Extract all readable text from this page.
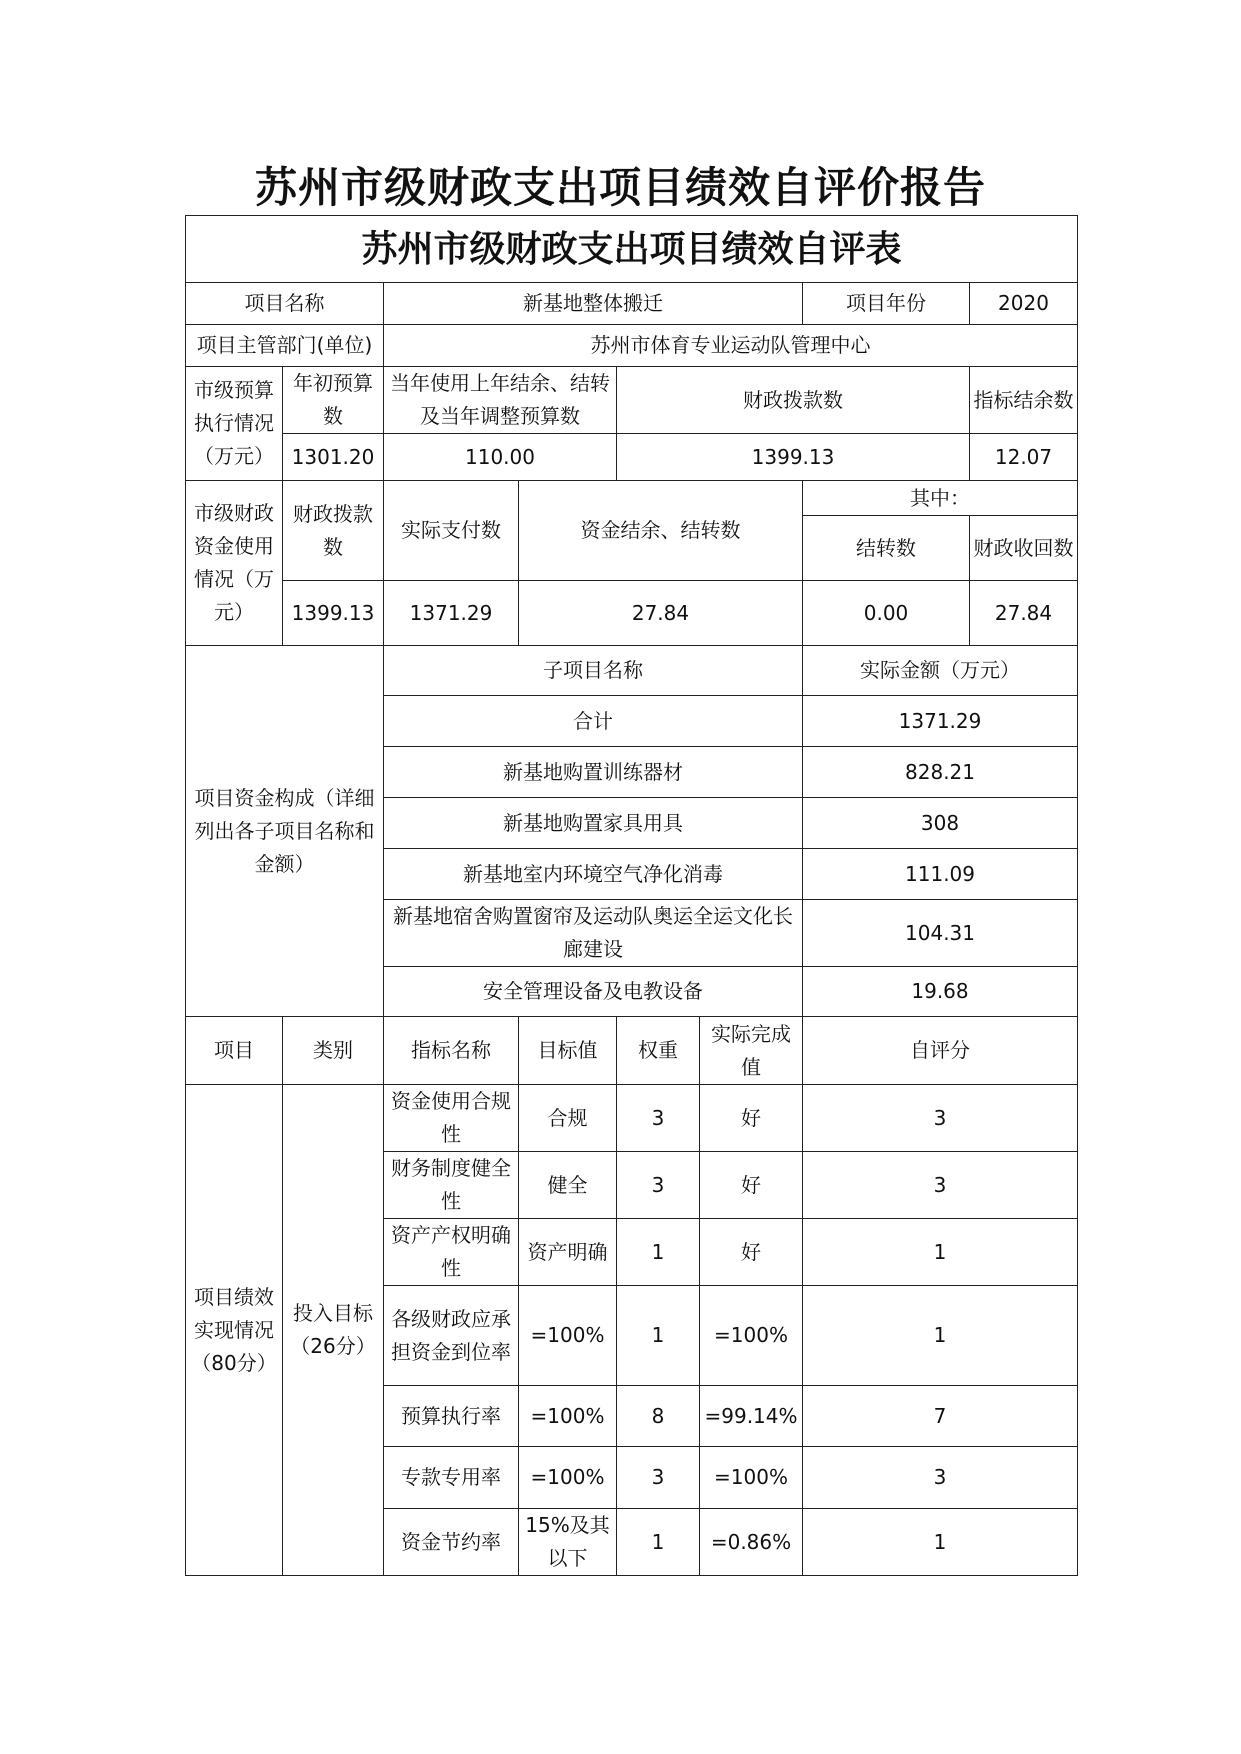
苏州市级财政支出项目绩效自评价报告
苏州市级财政支出项目绩效自评表							
项目名称		新基地整体搬迁				项目年份	2020
项目主管部门(单位)		苏州市体育专业运动队管理中心					
市级预算执行情况（万元）	年初预算数	当年使用上年结余、结转及当年调整预算数		财政拨款数			指标结余数
	1301.20	110.00		1399.13			12.07
市级财政资金使用情况（万元）	财政拨款数	实际支付数	资金结余、结转数			其中：	
						结转数	财政收回数
	1399.13	1371.29	27.84			0.00	27.84
项目资金构成（详细列出各子项目名称和金额）		子项目名称				实际金额（万元）	
		合计				1371.29	
		新基地购置训练器材				828.21	
		新基地购置家具用具				308	
		新基地室内环境空气净化消毒				111.09	
		新基地宿舍购置窗帘及运动队奥运全运文化长廊建设				104.31	
		安全管理设备及电教设备				19.68	
项目	类别	指标名称	目标值	权重	实际完成值	自评分	
项目绩效实现情况（80分）	投入目标（26分）	资金使用合规性	合规	3	好	3	
		财务制度健全性	健全	3	好	3	
		资产产权明确性	资产明确	1	好	1	
		各级财政应承担资金到位率	=100%	1	=100%	1	
		预算执行率	=100%	8	=99.14%	7	
		专款专用率	=100%	3	=100%	3	
		资金节约率	15%及其以下	1	=0.86%	1	
